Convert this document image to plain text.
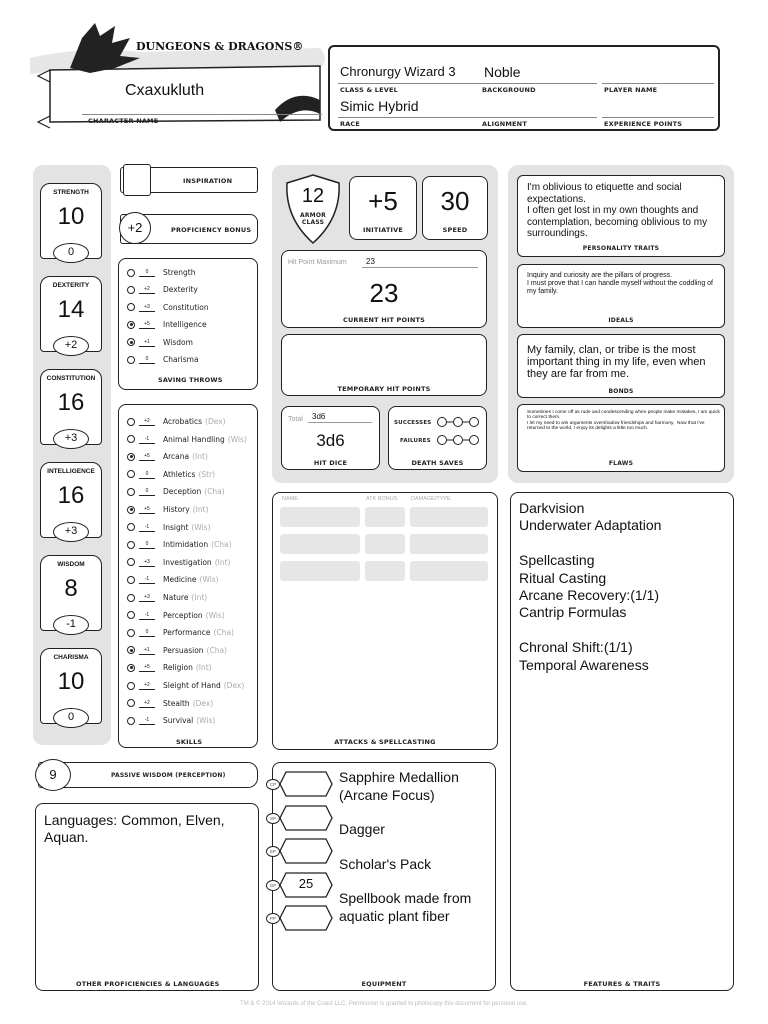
DUNGEONS & DRAGONS®
Cxaxukluth
CHARACTER NAME
Chronurgy Wizard 3
CLASS & LEVEL
Noble
BACKGROUND	PLAYER NAME
Simic Hybrid
RACE	ALIGNMENT	EXPERIENCE POINTS
STRENGTH
10
0
DEXTERITY
14
+2
CONSTITUTION
16
+3
INTELLIGENCE
16
+3
WISDOM
8
-1
CHARISMA
10
0
INSPIRATION
+2	PROFICIENCY BONUS
0	Strength
+2	Dexterity
+3	Constitution
+5	Intelligence
+1	Wisdom
0	Charisma
SAVING THROWS
+2	Acrobatics (Dex)
-1	Animal Handling (Wis)
+5	Arcana (Int)
0	Athletics (Str)
0	Deception (Cha)
+5	History (Int)
-1	Insight (Wis)
0	Intimidation (Cha)
+3	Investigation (Int)
-1	Medicine (Wis)
+3	Nature (Int)
-1	Perception (Wis)
0	Performance (Cha)
+1	Persuasion (Cha)
+5	Religion (Int)
+2	Sleight of Hand (Dex)
+2	Stealth (Dex)
-1	Survival (Wis)
SKILLS
9	PASSIVE WISDOM (PERCEPTION)
Languages: Common, Elven, Aquan.
OTHER PROFICIENCIES & LANGUAGES
12
ARMOR CLASS
+5
INITIATIVE
30
SPEED
Hit Point Maximum 23
23
CURRENT HIT POINTS
TEMPORARY HIT POINTS
Total 3d6
3d6
HIT DICE
SUCCESSES
FAILURES
DEATH SAVES
NAME	ATK BONUS DAMAGE/TYPE
ATTACKS & SPELLCASTING
CP
SP
EP
GP	25
PP
Sapphire Medallion (Arcane Focus)
Dagger
Scholar's Pack
Spellbook made from aquatic plant fiber
EQUIPMENT
I'm oblivious to etiquette and social expectations.
I often get lost in my own thoughts and contemplation, becoming oblivious to my surroundings.
PERSONALITY TRAITS
Inquiry and curiosity are the pillars of progress.
I must prove that I can handle myself without the coddling of my family.
IDEALS
My family, clan, or tribe is the most important thing in my life, even when they are far from me.
BONDS
Sometimes I come off as rude and condescending when people make mistakes, I am quick to correct them.
I let my need to win arguments overshadow friendships and harmony.  Now that I've returned to the world, I enjoy its delights a little too much.
FLAWS
Darkvision
Underwater Adaptation

Spellcasting
Ritual Casting
Arcane Recovery:(1/1)
Cantrip Formulas

Chronal Shift:(1/1)
Temporal Awareness
FEATURES & TRAITS
TM & © 2014 Wizards of the Coast LLC. Permission is granted to photocopy this document for personal use.
